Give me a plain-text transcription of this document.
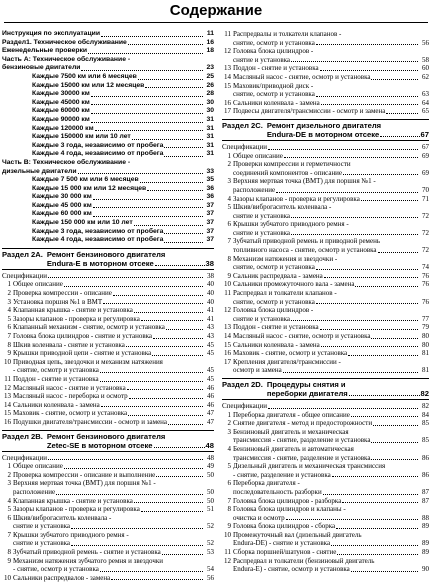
Содержание
Инструкция по эксплуатации	11
Раздел1. Техническое обслуживание	16
Еженедельные проверки	18
Часть А: Техническое обслуживание -
бензиновые двигатели	23
Каждые 7500 км или 6 месяцев	25
Каждые 15000 км или 12 месяцев	26
Каждые 30000 км	28
Каждые 45000 км	30
Каждые 60000 км	30
Каждые 90000 км	31
Каждые 120000 км	31
Каждые 150000 км или 10 лет	31
Каждые 3 года, независимо от пробега	31
Каждые 4 года, независимо от пробега	31
Часть В: Техническое обслуживание -
дизельные двигатели	33
Каждые 7 500 км или 6 месяцев	35
Каждые 15 000 км или 12 месяцев	36
Каждые 30 000 км	36
Каждые 45 000 км	37
Каждые 60 000 км	37
Каждые 150 000 км или 10 лет	37
Каждые 3 года, независимо от пробега	37
Каждые 4 года, независимо от пробега	37
Раздел 2А. Ремонт бензинового двигателя
Endura-E в моторном отсеке	38
Спецификации	38
1 Общее описание	40
2 Проверка компрессии - описание	40
3 Установка поршня №1 в ВМТ	40
4 Клапанная крышка - снятие и установка	41
5 Зазоры клапанов - проверка и регулировка	41
6 Клапанный механизм - снятие, осмотр и установка	43
7 Головка блока цилиндров - снятие и установка	43
8 Шкив коленвала - снятие и установка	45
9 Крышки приводной цепи - снятие и установка	45
10 Приводная цепь, звездочки и механизм натяжения
- снятие, осмотр и установка	45
11 Поддон - снятие и установка	45
12 Масляный насос - снятие и установка	46
13 Масляный насос - переборка и осмотр	46
14 Сальники коленвала - замена	46
15 Маховик - снятие, осмотр и установка	47
16 Подушки двигателя/трансмиссии - осмотр и замена	47
Раздел 2В. Ремонт бензинового двигателя
Zetec-SE в моторном отсеке	48
Спецификации	48
1 Общее описание	49
2 Проверка компрессии - описание и выполнение	50
3 Верхняя мертвая точка (ВМТ) для поршня №1 -
расположение	50
4 Клапанная крышка - снятие и установка	50
5 Зазоры клапанов - проверка и регулировка	51
6 Шкив/виброгаситель коленвала -
снятие и установка	52
7 Крышки зубчатого приводного ремня -
снятие и установка	52
8 Зубчатый приводной ремень - снятие и установка	53
9 Механизм натяжения зубчатого ремня и звездочки
- снятие, осмотр и установка	54
10 Сальники распредвалов - замена	56
11 Распредвалы и толкатели клапанов -
снятие, осмотр и установка	56
12 Головка блока цилиндров -
снятие и установка	58
13 Поддон - снятие и установка	60
14 Масляный насос - снятие, осмотр и установка	62
15 Маховик/приводной диск -
снятие, осмотр и установка	63
16 Сальники коленвала - замена	64
17 Подвесы двигателя/трансмиссии - осмотр и замена	65
Раздел 2С. Ремонт дизельного двигателя
Endura-DE в моторном отсеке	67
Спецификации	67
1 Общее описание	69
2 Проверки компрессии и герметичности
соединений компонентов - описание	69
3 Верхняя мертвая точка (ВМТ) для поршня №1 -
расположение	70
4 Зазоры клапанов - проверка и регулировка	71
5 Шкив/виброгаситель коленвала -
снятие и установка	72
6 Крышки зубчатого приводного ремня -
снятие и установка	72
7 Зубчатый приводной ремень и приводной ремень
топливного насоса - снятие, осмотр и установка	72
8 Механизм натяжения и звездочки -
снятие, осмотр и установка	74
9 Сальник распредвала - замена	76
10 Сальники промежуточного вала - замена	76
11 Распредвал и толкатели клапанов -
снятие, осмотр и установка	76
12 Головка блока цилиндров -
снятие и установка	77
13 Поддон - снятие и установка	79
14 Масляный насос - снятие, осмотр и установка	80
15 Сальники коленвала - замена	80
16 Маховик - снятие, осмотр и установка	81
17 Крепления двигателя/трансмиссии -
осмотр и замена	81
Раздел 2D. Процедуры снятия и
переборки двигателя	82
Спецификации	82
1 Переборка двигателя - общее описание	84
2 Снятие двигателя - метод и предосторожности	85
3 Бензиновый двигатель и механическая
трансмиссия - снятие, разделение и установка	85
4 Бензиновый двигатель и автоматическая
трансмиссия - снятие, разделение и установка	86
5 Дизельный двигатель и механическая трансмиссия
- снятие, разделение и установка	86
6 Переборка двигателя -
последовательность разборки	87
7 Головка блока цилиндров - разборка	87
8 Головка блока цилиндров и клапаны -
очистка и осмотр	88
9 Головка блока цилиндров - сборка	89
10 Промежуточный вал (дизельный двигатель
Endura-DE) - снятие и установка	89
11 Сборка поршней/шатунов - снятие	89
12 Распредвал и толкатели (бензиновый двигатель
Endura-E) - снятие, осмотр и установка	90
